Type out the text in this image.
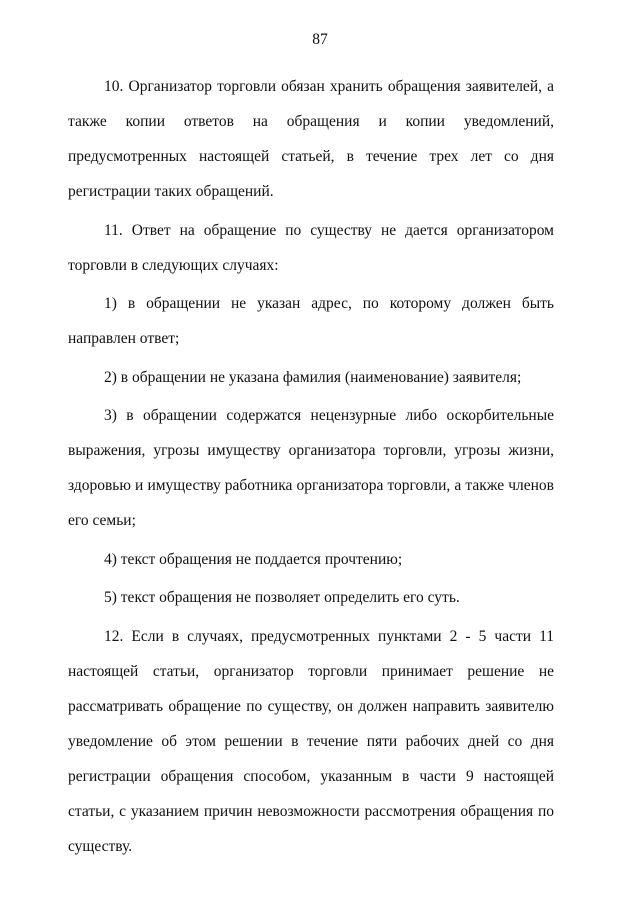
87

10. Организатор торговли обязан хранить обращения заявителей, а также копии ответов на обращения и копии уведомлений, предусмотренных настоящей статьей, в течение трех лет со дня регистрации таких обращений.

11. Ответ на обращение по существу не дается организатором торговли в следующих случаях:

1) в обращении не указан адрес, по которому должен быть направлен ответ;

2) в обращении не указана фамилия (наименование) заявителя;

3) в обращении содержатся нецензурные либо оскорбительные выражения, угрозы имуществу организатора торговли, угрозы жизни, здоровью и имуществу работника организатора торговли, а также членов его семьи;

4) текст обращения не поддается прочтению;

5) текст обращения не позволяет определить его суть.

12. Если в случаях, предусмотренных пунктами 2 - 5 части 11 настоящей статьи, организатор торговли принимает решение не рассматривать обращение по существу, он должен направить заявителю уведомление об этом решении в течение пяти рабочих дней со дня регистрации обращения способом, указанным в части 9 настоящей статьи, с указанием причин невозможности рассмотрения обращения по существу.
